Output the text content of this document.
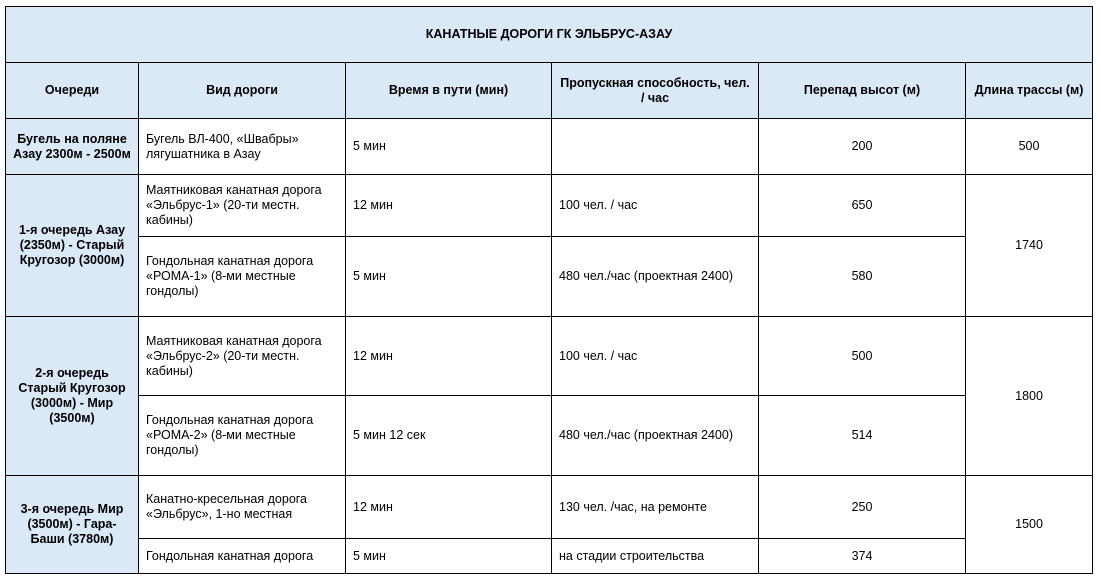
КАНАТНЫЕ ДОРОГИ ГК ЭЛЬБРУС-АЗАУ					
Очереди	Вид дороги	Время в пути (мин)	Пропускная способность, чел. / час	Перепад высот (м)	Длина трассы (м)
Бугель на поляне Азау 2300м - 2500м	Бугель ВЛ-400, «Швабры» лягушатника в Азау	5 мин		200	500
1-я очередь Азау (2350м) - Старый Кругозор (3000м)	Маятниковая канатная дорога «Эльбрус-1» (20-ти местн. кабины)	12 мин	100 чел. / час	650	1740
	Гондольная канатная дорога «РОМА-1» (8-ми местные гондолы)	5 мин	480 чел./час (проектная 2400)	580	
2-я очередь Старый Кругозор (3000м) - Мир (3500м)	Маятниковая канатная дорога «Эльбрус-2» (20-ти местн. кабины)	12 мин	100 чел. / час	500	1800
	Гондольная канатная дорога «РОМА-2» (8-ми местные гондолы)	5 мин 12 сек	480 чел./час (проектная 2400)	514	
3-я очередь Мир (3500м) - Гара-Баши (3780м)	Канатно-кресельная дорога «Эльбрус», 1-но местная	12 мин	130 чел. /час, на ремонте	250	1500
	Гондольная канатная дорога	5 мин	на стадии строительства	374	
